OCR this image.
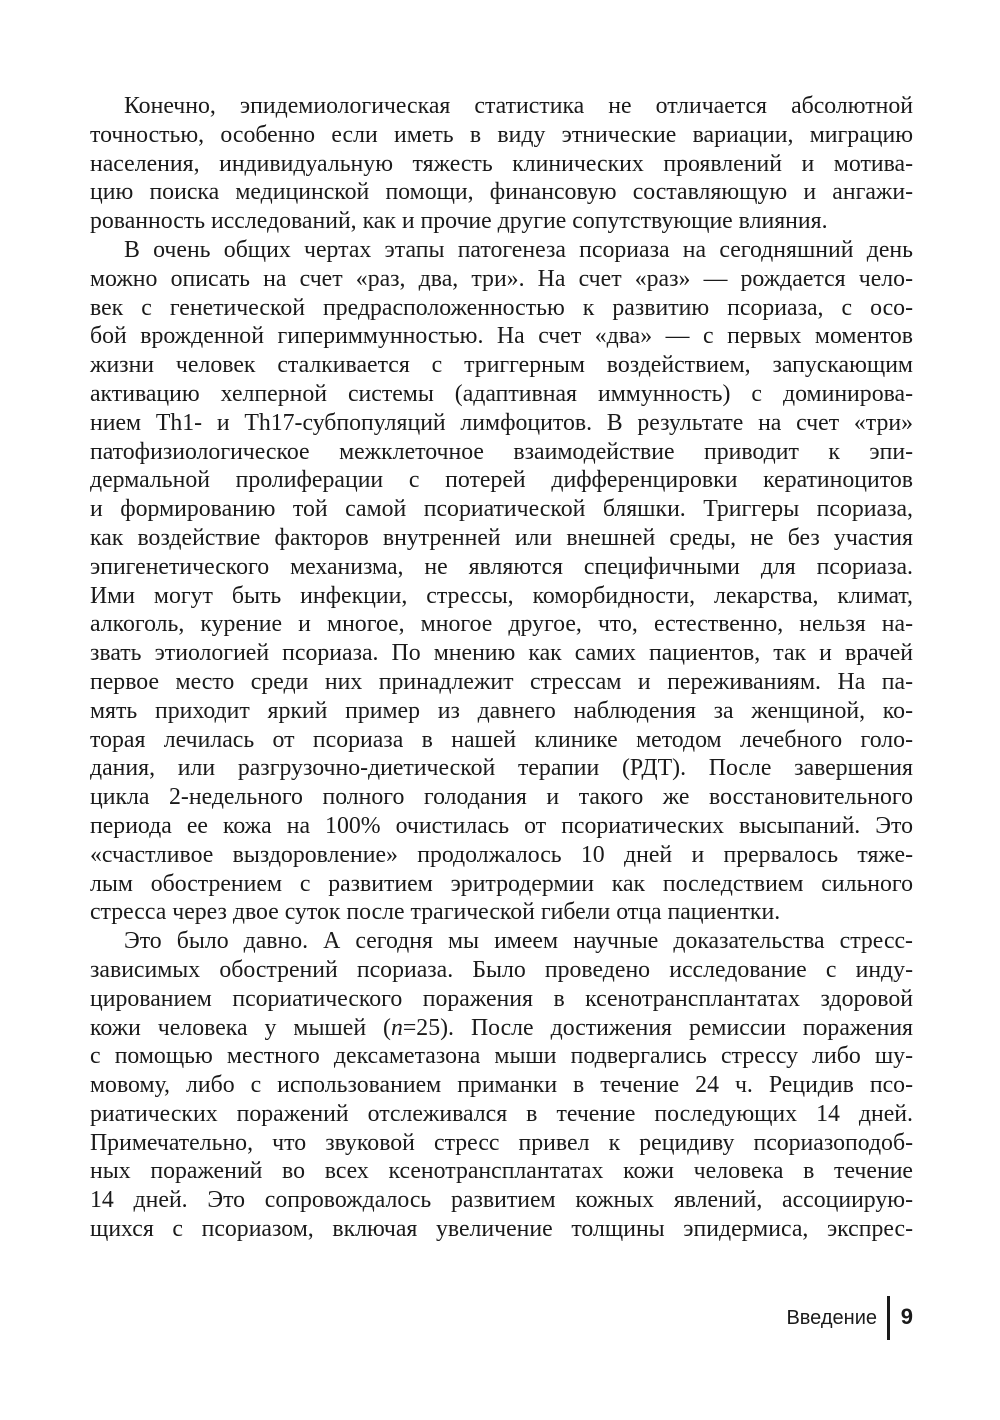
Конечно, эпидемиологическая статистика не отличается абсолютной
точностью, особенно если иметь в виду этнические вариации, миграцию
населения, индивидуальную тяжесть клинических проявлений и мотива-
цию поиска медицинской помощи, финансовую составляющую и ангажи-
рованность исследований, как и прочие другие сопутствующие влияния.
В очень общих чертах этапы патогенеза псориаза на сегодняшний день
можно описать на счет «раз, два, три». На счет «раз» — рождается чело-
век с генетической предрасположенностью к развитию псориаза, с осо-
бой врожденной гипериммунностью. На счет «два» — с первых моментов
жизни человек сталкивается с триггерным воздействием, запускающим
активацию хелперной системы (адаптивная иммунность) с доминирова-
нием Th1- и Th17-субпопуляций лимфоцитов. В результате на счет «три»
патофизиологическое межклеточное взаимодействие приводит к эпи-
дермальной пролиферации с потерей дифференцировки кератиноцитов
и формированию той самой псориатической бляшки. Триггеры псориаза,
как воздействие факторов внутренней или внешней среды, не без участия
эпигенетического механизма, не являются специфичными для псориаза.
Ими могут быть инфекции, стрессы, коморбидности, лекарства, климат,
алкоголь, курение и многое, многое другое, что, естественно, нельзя на-
звать этиологией псориаза. По мнению как самих пациентов, так и врачей
первое место среди них принадлежит стрессам и переживаниям. На па-
мять приходит яркий пример из давнего наблюдения за женщиной, ко-
торая лечилась от псориаза в нашей клинике методом лечебного голо-
дания, или разгрузочно-диетической терапии (РДТ). После завершения
цикла 2-недельного полного голодания и такого же восстановительного
периода ее кожа на 100% очистилась от псориатических высыпаний. Это
«счастливое выздоровление» продолжалось 10 дней и прервалось тяже-
лым обострением с развитием эритродермии как последствием сильного
стресса через двое суток после трагической гибели отца пациентки.
Это было давно. А сегодня мы имеем научные доказательства стресс-
зависимых обострений псориаза. Было проведено исследование с инду-
цированием псориатического поражения в ксенотрансплантатах здоровой
кожи человека у мышей (n=25). После достижения ремиссии поражения
с помощью местного дексаметазона мыши подвергались стрессу либо шу-
мовому, либо с использованием приманки в течение 24 ч. Рецидив псо-
риатических поражений отслеживался в течение последующих 14 дней.
Примечательно, что звуковой стресс привел к рецидиву псориазоподоб-
ных поражений во всех ксенотрансплантатах кожи человека в течение
14 дней. Это сопровождалось развитием кожных явлений, ассоциирую-
щихся с псориазом, включая увеличение толщины эпидермиса, экспрес-
Введение 9
